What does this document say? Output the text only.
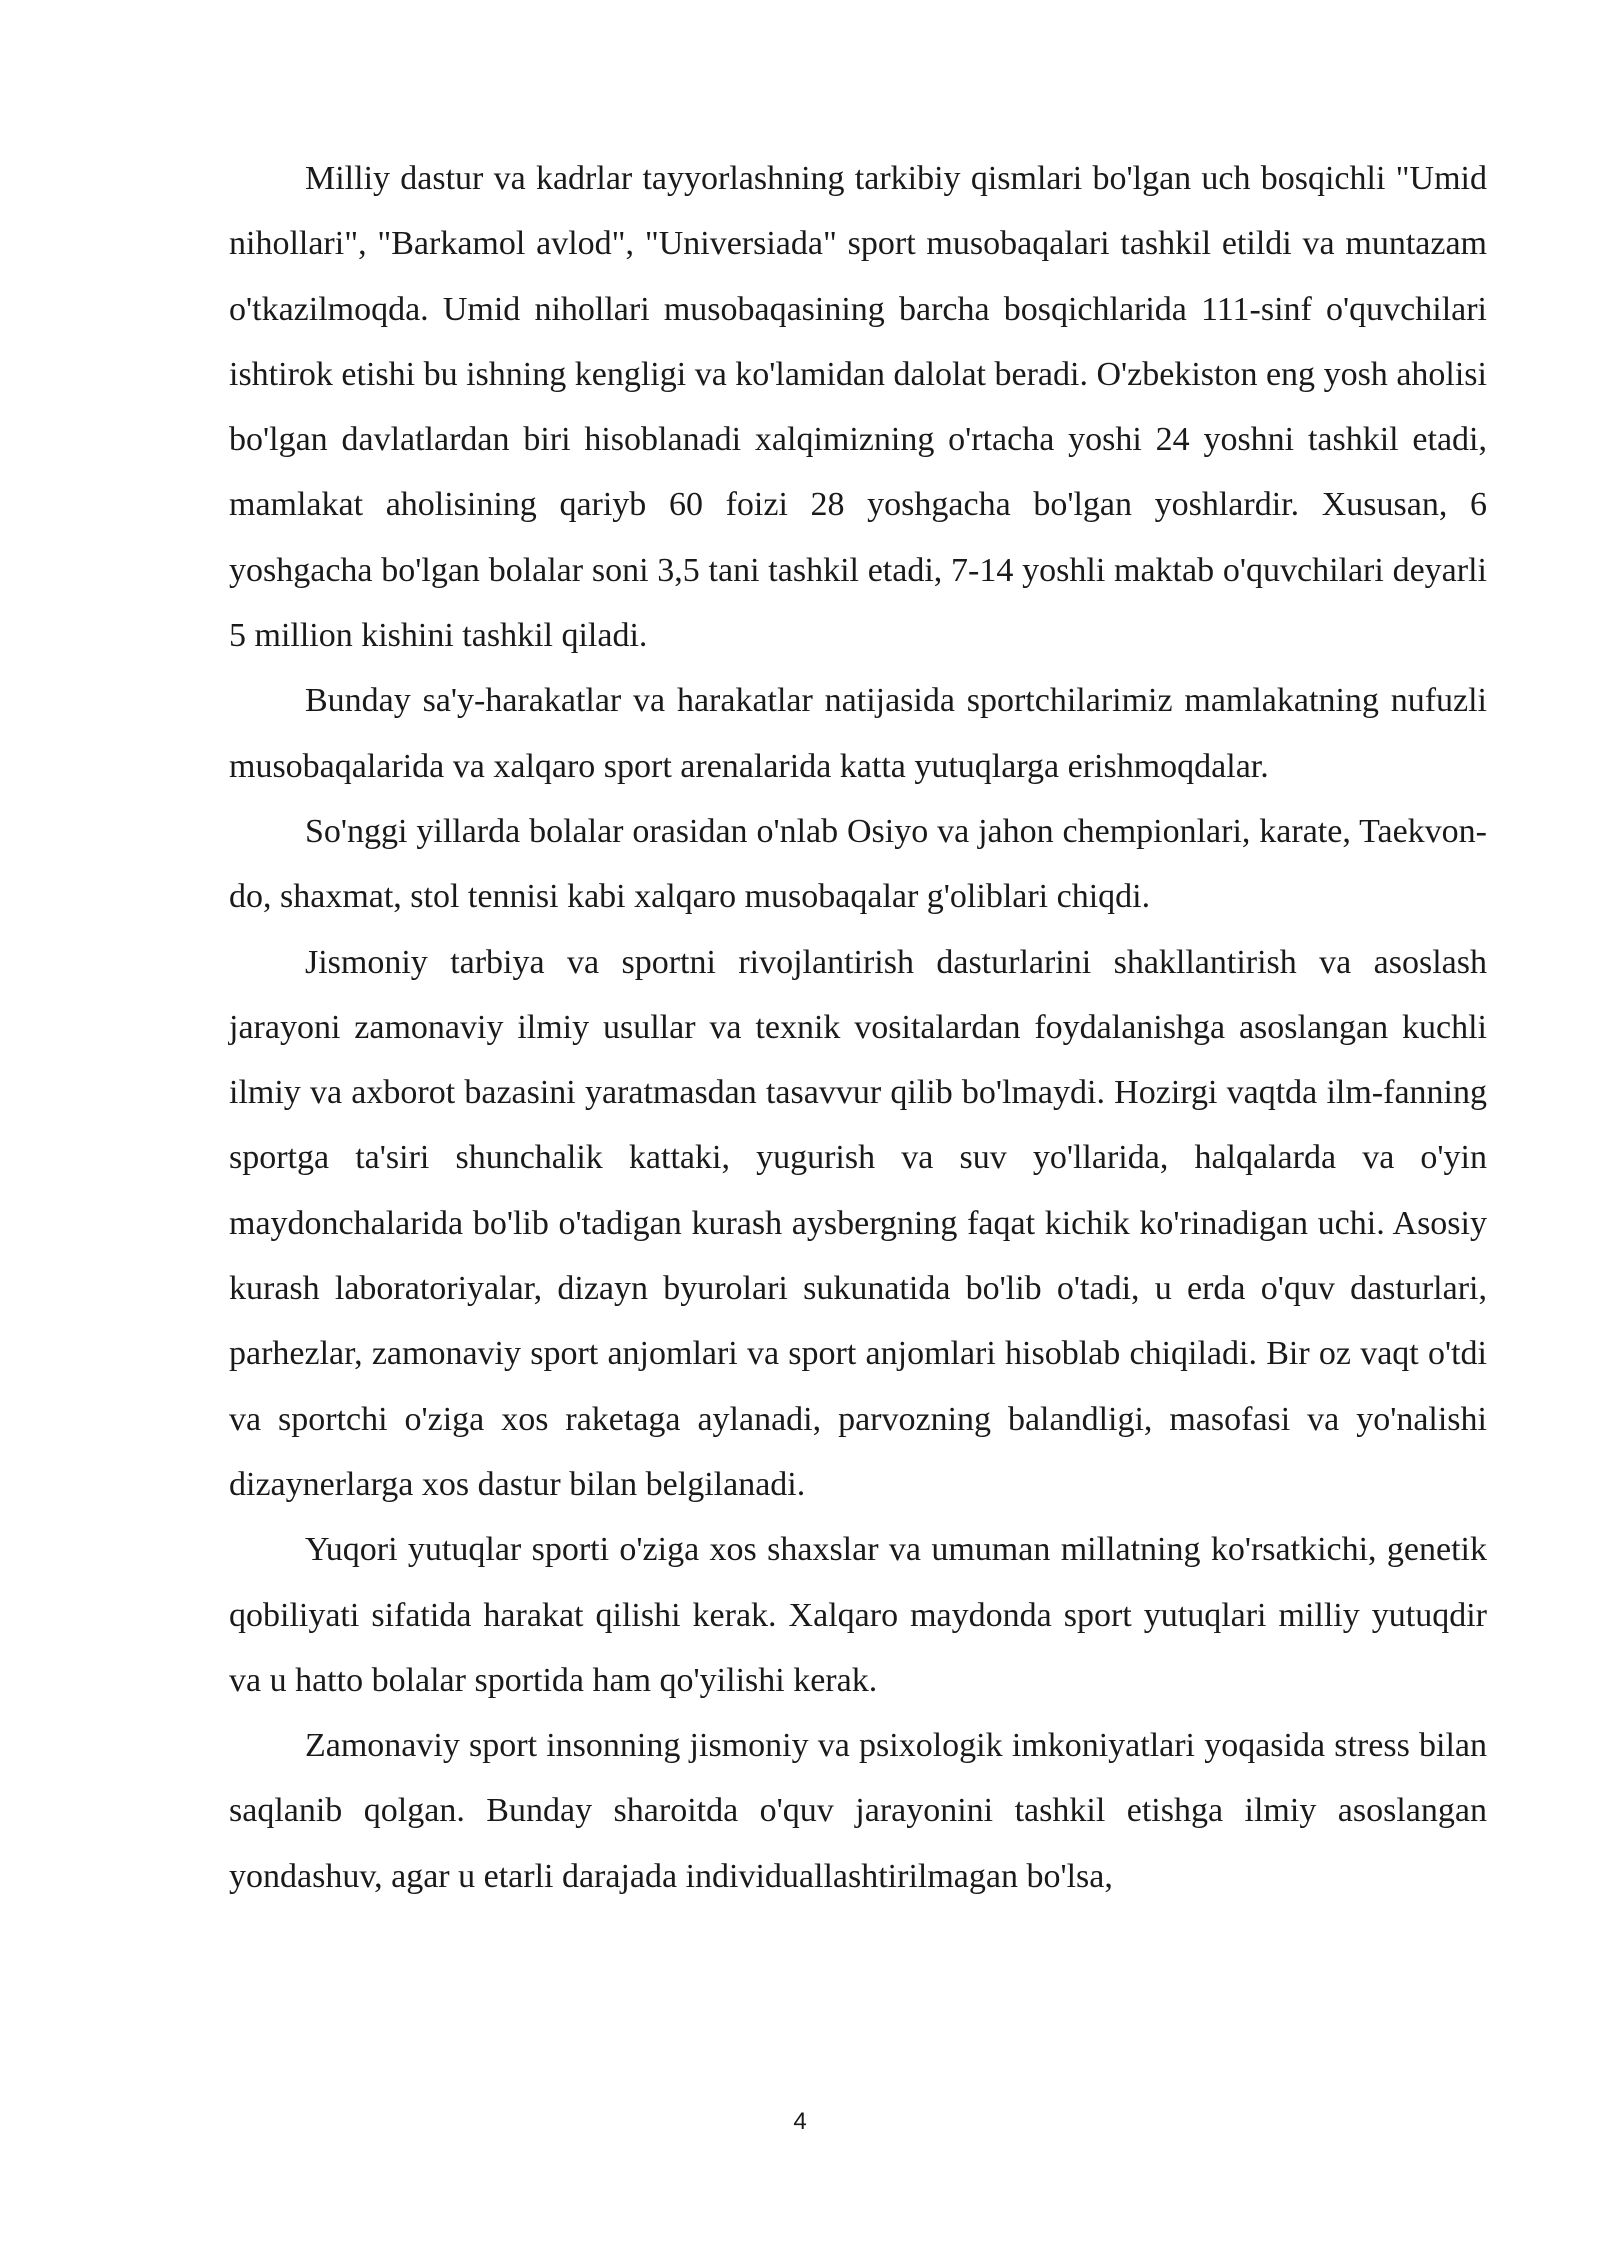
Milliy dastur va kadrlar tayyorlashning tarkibiy qismlari bo'lgan uch bosqichli "Umid nihollari", "Barkamol avlod", "Universiada" sport musobaqalari tashkil etildi va muntazam o'tkazilmoqda. Umid nihollari musobaqasining barcha bosqichlarida 111-sinf o'quvchilari ishtirok etishi bu ishning kengligi va ko'lamidan dalolat beradi. O'zbekiston eng yosh aholisi bo'lgan davlatlardan biri hisoblanadi xalqimizning o'rtacha yoshi 24 yoshni tashkil etadi, mamlakat aholisining qariyb 60 foizi 28 yoshgacha bo'lgan yoshlardir. Xususan, 6 yoshgacha bo'lgan bolalar soni 3,5 tani tashkil etadi, 7-14 yoshli maktab o'quvchilari deyarli 5 million kishini tashkil qiladi.

Bunday sa'y-harakatlar va harakatlar natijasida sportchilarimiz mamlakatning nufuzli musobaqalarida va xalqaro sport arenalarida katta yutuqlarga erishmoqdalar.

So'nggi yillarda bolalar orasidan o'nlab Osiyo va jahon chempionlari, karate, Taekvon-do, shaxmat, stol tennisi kabi xalqaro musobaqalar g'oliblari chiqdi.

Jismoniy tarbiya va sportni rivojlantirish dasturlarini shakllantirish va asoslash jarayoni zamonaviy ilmiy usullar va texnik vositalardan foydalanishga asoslangan kuchli ilmiy va axborot bazasini yaratmasdan tasavvur qilib bo'lmaydi. Hozirgi vaqtda ilm-fanning sportga ta'siri shunchalik kattaki, yugurish va suv yo'llarida, halqalarda va o'yin maydonchalarida bo'lib o'tadigan kurash aysbergning faqat kichik ko'rinadigan uchi. Asosiy kurash laboratoriyalar, dizayn byurolari sukunatida bo'lib o'tadi, u erda o'quv dasturlari, parhezlar, zamonaviy sport anjomlari va sport anjomlari hisoblab chiqiladi. Bir oz vaqt o'tdi va sportchi o'ziga xos raketaga aylanadi, parvozning balandligi, masofasi va yo'nalishi dizaynerlarga xos dastur bilan belgilanadi.

Yuqori yutuqlar sporti o'ziga xos shaxslar va umuman millatning ko'rsatkichi, genetik qobiliyati sifatida harakat qilishi kerak. Xalqaro maydonda sport yutuqlari milliy yutuqdir va u hatto bolalar sportida ham qo'yilishi kerak.

Zamonaviy sport insonning jismoniy va psixologik imkoniyatlari yoqasida stress bilan saqlanib qolgan. Bunday sharoitda o'quv jarayonini tashkil etishga ilmiy asoslangan yondashuv, agar u etarli darajada individuallashtirilmagan bo'lsa,

4
